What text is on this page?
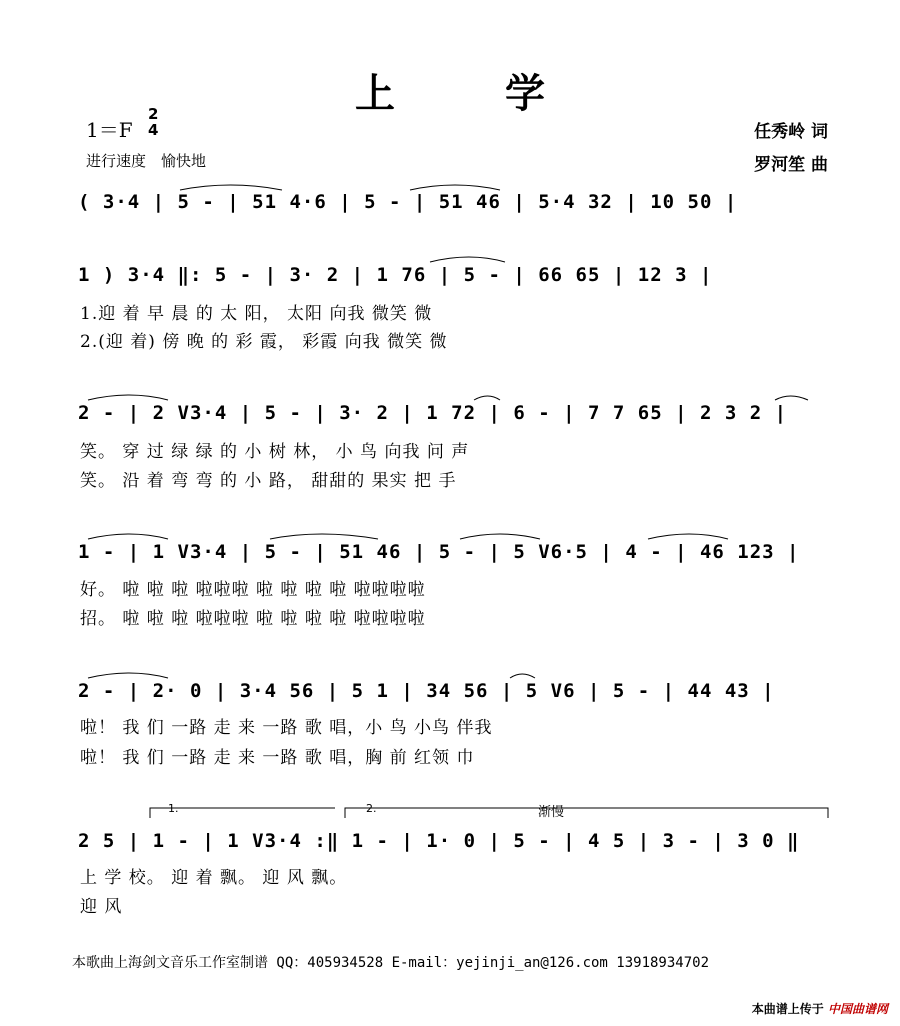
上学
1＝F
2
4
进行速度　愉快地
任秀岭 词
罗河笙 曲
( 3·4 | 5 - | 51 4·6 | 5 - | 51 46 | 5·4 32 | 10 50 |
1 ) 3·4 ‖: 5 - | 3· 2 | 1 76 | 5 - | 66 65 | 12 3 |
1.迎 着 早 晨 的 太 阳， 太阳 向我 微笑 微
2.(迎 着) 傍 晚 的 彩 霞， 彩霞 向我 微笑 微
2 - | 2 V3·4 | 5 - | 3· 2 | 1 72 | 6 - | 7 7 65 | 2 3 2 |
笑。 穿 过 绿 绿 的 小 树 林， 小 鸟 向我 问 声
笑。 沿 着 弯 弯 的 小 路， 甜甜的 果实 把 手
1 - | 1 V3·4 | 5 - | 51 46 | 5 - | 5 V6·5 | 4 - | 46 123 |
好。 啦 啦 啦 啦啦啦 啦 啦 啦 啦 啦啦啦啦
招。 啦 啦 啦 啦啦啦 啦 啦 啦 啦 啦啦啦啦
2 - | 2· 0 | 3·4 56 | 5 1 | 34 56 | 5 V6 | 5 - | 44 43 |
啦！ 我 们 一路 走 来 一路 歌 唱，小 鸟 小鸟 伴我
啦！ 我 们 一路 走 来 一路 歌 唱，胸 前 红领 巾
1.	2.	渐慢
2 5 | 1 - | 1 V3·4 :‖ 1 - | 1· 0 | 5 - | 4 5 | 3 - | 3 0 ‖
上 学 校。 迎 着 飘。 迎 风 飘。
迎 风
本歌曲上海剑文音乐工作室制谱 QQ：405934528 E-mail：yejinji_an@126.com 13918934702
本曲谱上传于 中国曲谱网
